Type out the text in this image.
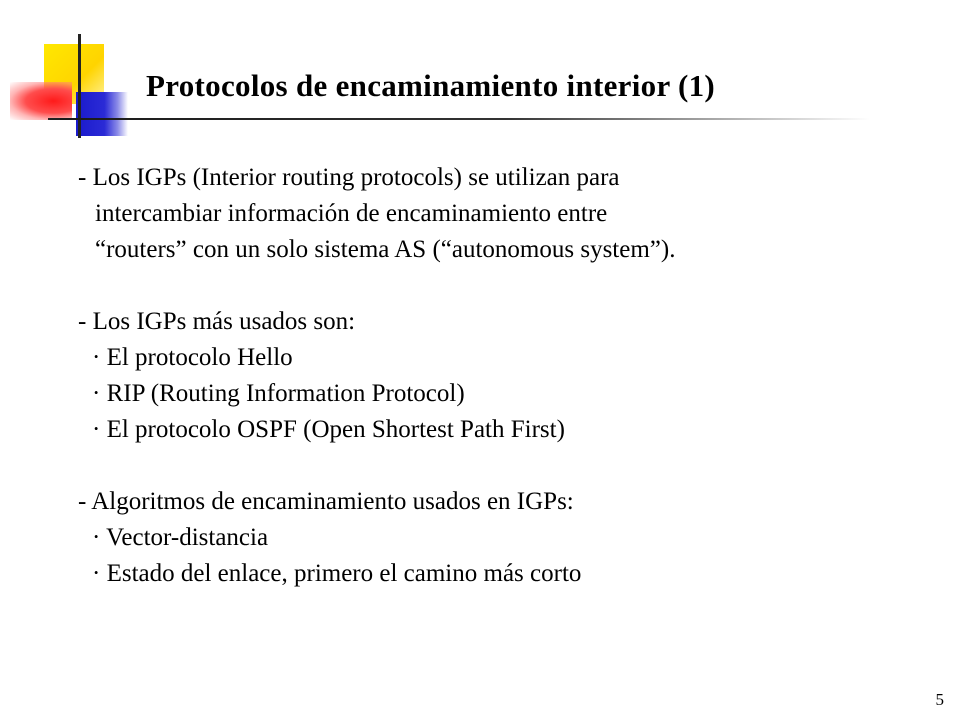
Protocolos de encaminamiento interior (1)
- Los IGPs (Interior routing protocols) se utilizan para
intercambiar información de encaminamiento entre
“routers” con un solo sistema AS (“autonomous system”).
- Los IGPs más usados son:
· El protocolo Hello
· RIP (Routing Information Protocol)
· El protocolo OSPF (Open Shortest Path First)
- Algoritmos de encaminamiento usados en IGPs:
· Vector-distancia
· Estado del enlace, primero el camino más corto
5
